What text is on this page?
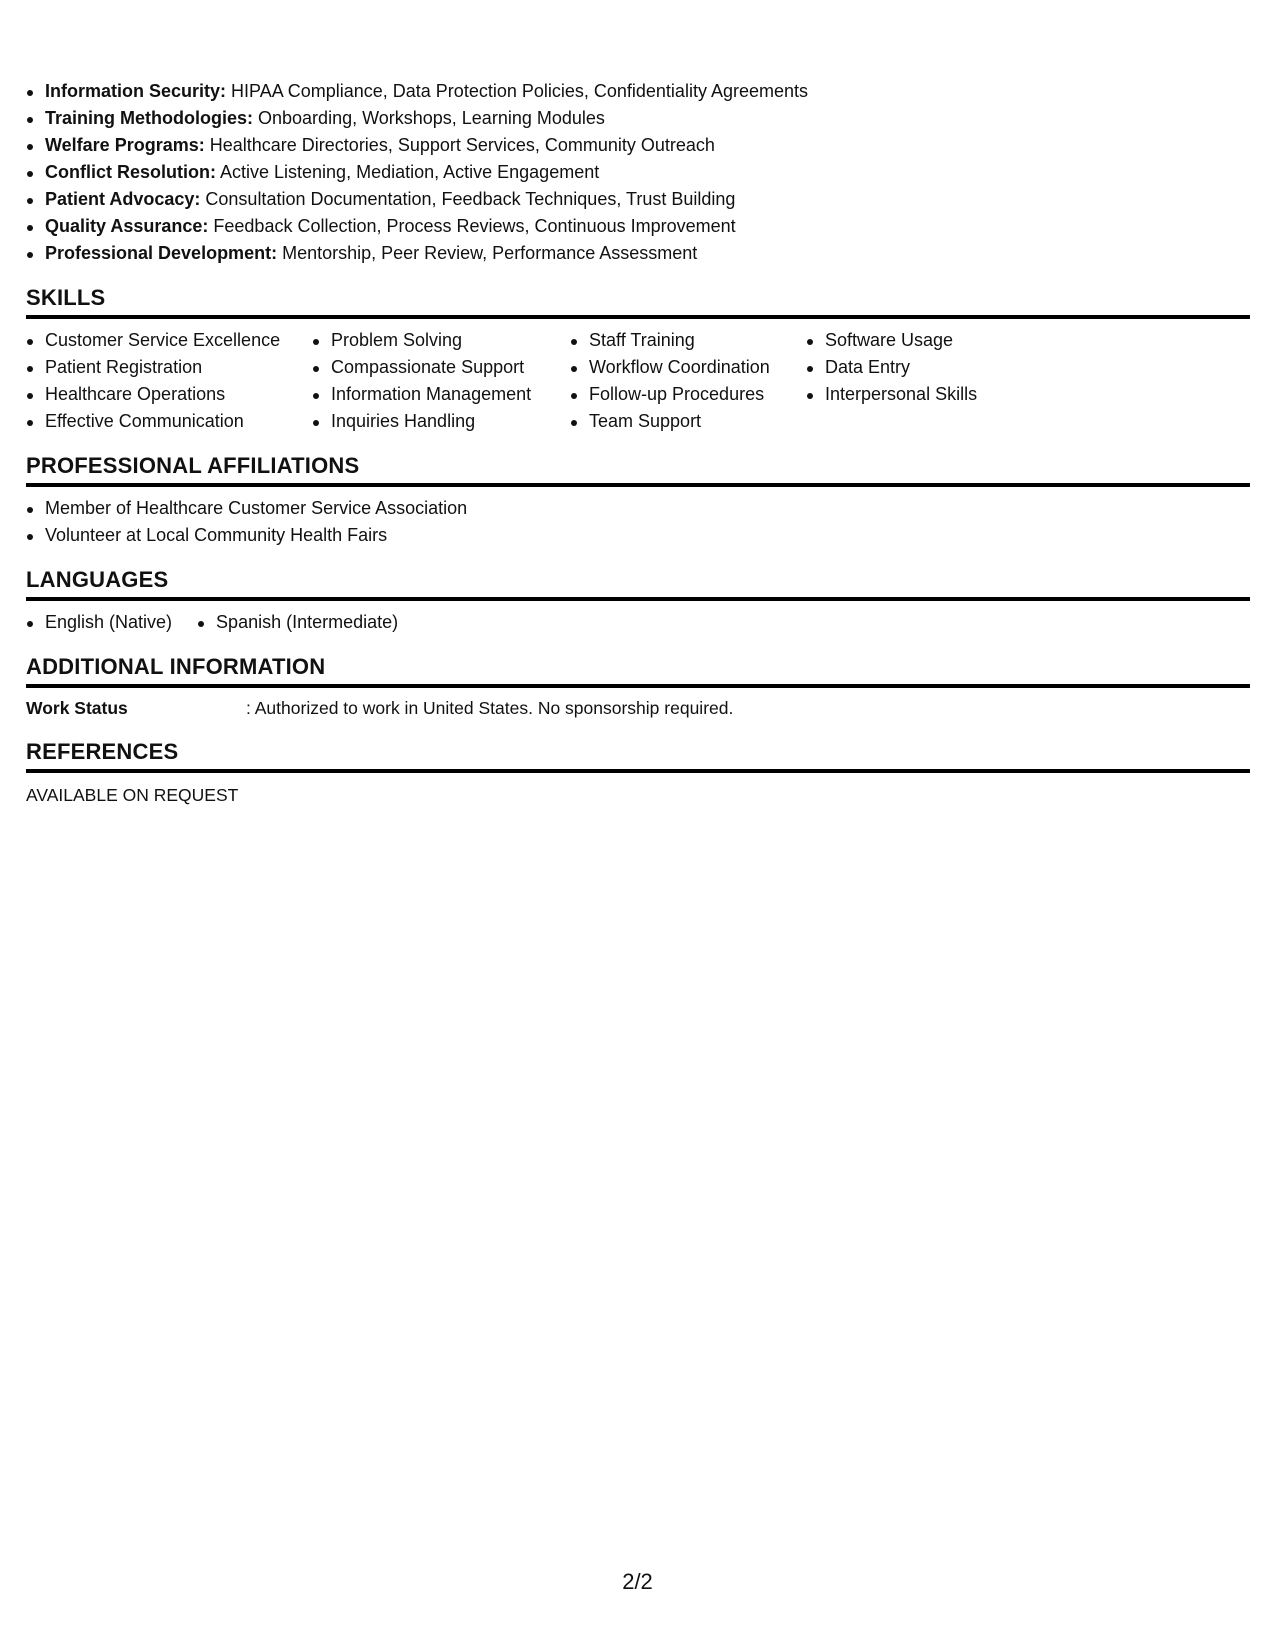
Information Security: HIPAA Compliance, Data Protection Policies, Confidentiality Agreements
Training Methodologies: Onboarding, Workshops, Learning Modules
Welfare Programs: Healthcare Directories, Support Services, Community Outreach
Conflict Resolution: Active Listening, Mediation, Active Engagement
Patient Advocacy: Consultation Documentation, Feedback Techniques, Trust Building
Quality Assurance: Feedback Collection, Process Reviews, Continuous Improvement
Professional Development: Mentorship, Peer Review, Performance Assessment
SKILLS
Customer Service Excellence
Patient Registration
Healthcare Operations
Effective Communication
Problem Solving
Compassionate Support
Information Management
Inquiries Handling
Staff Training
Workflow Coordination
Follow-up Procedures
Team Support
Software Usage
Data Entry
Interpersonal Skills
PROFESSIONAL AFFILIATIONS
Member of Healthcare Customer Service Association
Volunteer at Local Community Health Fairs
LANGUAGES
English (Native)	Spanish (Intermediate)
ADDITIONAL INFORMATION
Work Status	: Authorized to work in United States. No sponsorship required.
REFERENCES

AVAILABLE ON REQUEST

2/2
